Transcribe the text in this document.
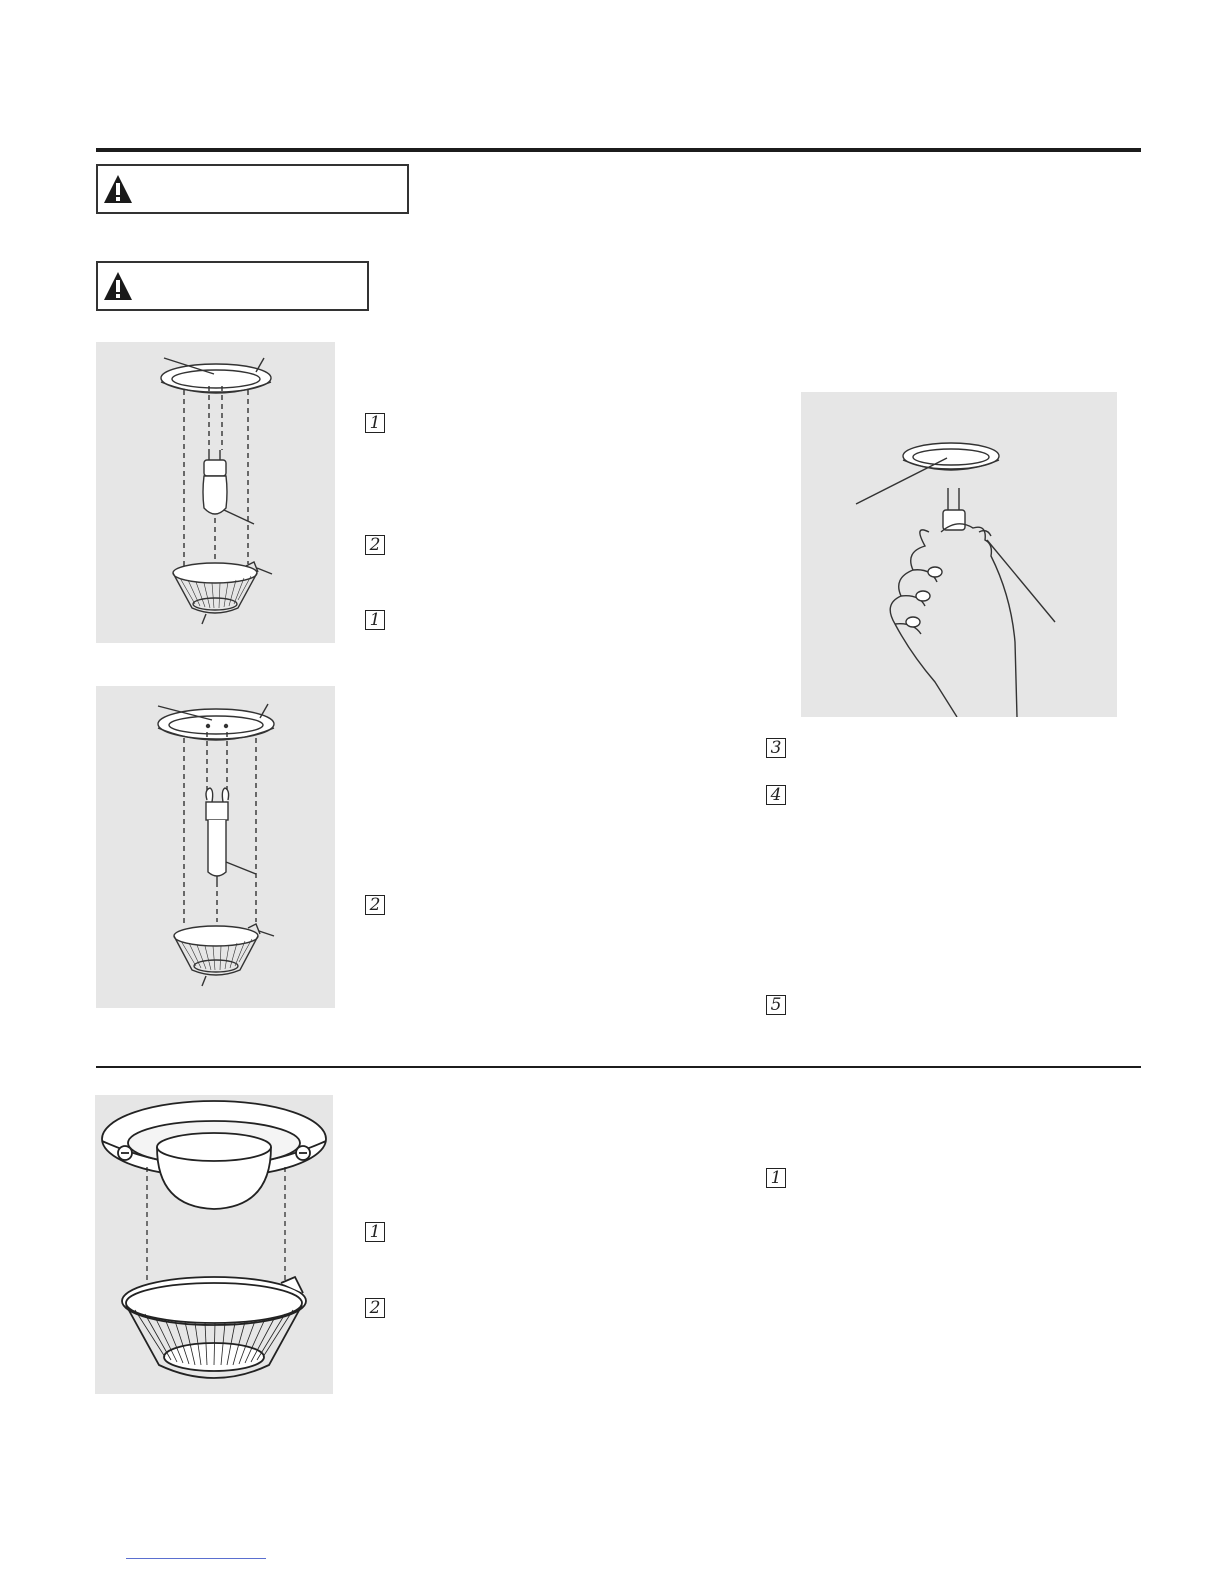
1
2
1
2
3
4
5
1
2
1
